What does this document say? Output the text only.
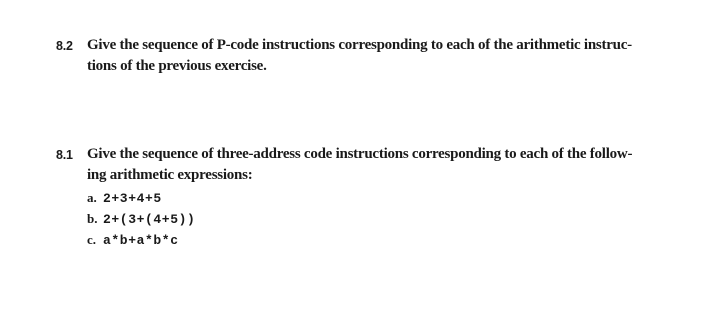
8.2 Give the sequence of P-code instructions corresponding to each of the arithmetic instruc-
tions of the previous exercise.
8.1 Give the sequence of three-address code instructions corresponding to each of the follow-
ing arithmetic expressions:
a. 2+3+4+5
b. 2+(3+(4+5))
c. a*b+a*b*c
